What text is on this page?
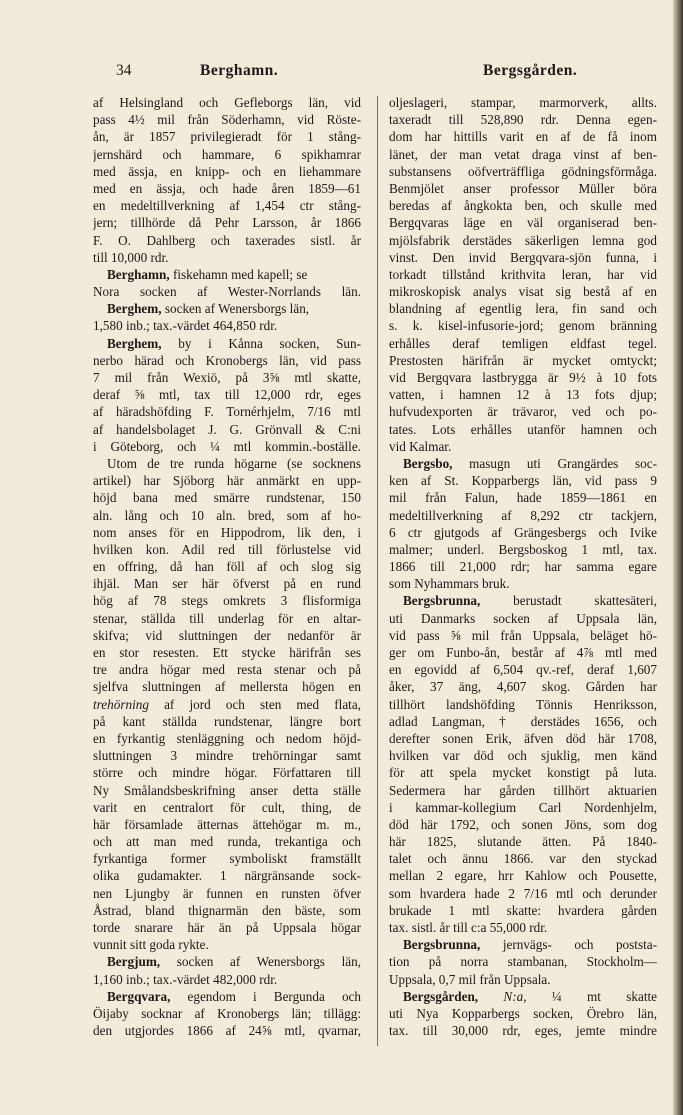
34	Berghamn.	Bergsgården.
af Helsingland och Gefleborgs län, vid
pass 4½ mil från Söderhamn, vid Röste-
ån, är 1857 privilegieradt för 1 stång-
jernshärd och hammare, 6 spikhamrar
med ässja, en knipp- och en liehammare
med en ässja, och hade åren 1859—61
en medeltillverkning af 1,454 ctr stång-
jern; tillhörde då Pehr Larsson, år 1866
F. O. Dahlberg och taxerades sistl. år
till 10,000 rdr.
Berghamn, fiskehamn med kapell; se
Nora socken af Wester-Norrlands län.
Berghem, socken af Wenersborgs län,
1,580 inb.; tax.-värdet 464,850 rdr.
Berghem, by i Kånna socken, Sun-
nerbo härad och Kronobergs län, vid pass
7 mil från Wexiö, på 3⅝ mtl skatte,
deraf ⅝ mtl, tax till 12,000 rdr, eges
af häradshöfding F. Tornérhjelm, 7/16 mtl
af handelsbolaget J. G. Grönvall & C:ni
i Göteborg, och ¼ mtl kommin.-boställe.
Utom de tre runda högarne (se socknens
artikel) har Sjöborg här anmärkt en upp-
höjd bana med smärre rundstenar, 150
aln. lång och 10 aln. bred, som af ho-
nom anses för en Hippodrom, lik den, i
hvilken kon. Adil red till förlustelse vid
en offring, då han föll af och slog sig
ihjäl. Man ser här öfverst på en rund
hög af 78 stegs omkrets 3 flisformiga
stenar, ställda till underlag för en altar-
skifva; vid sluttningen der nedanför är
en stor resesten. Ett stycke härifrån ses
tre andra högar med resta stenar och på
sjelfva sluttningen af mellersta högen en
trehörning af jord och sten med flata,
på kant ställda rundstenar, längre bort
en fyrkantig stenläggning och nedom höjd-
sluttningen 3 mindre trehörningar samt
större och mindre högar. Författaren till
Ny Smålandsbeskrifning anser detta ställe
varit en centralort för cult, thing, de
här församlade ätternas ättehögar m. m.,
och att man med runda, trekantiga och
fyrkantiga former symboliskt framställt
olika gudamakter. 1 närgränsande sock-
nen Ljungby är funnen en runsten öfver
Åstrad, bland thignarmän den bäste, som
torde snarare här än på Uppsala högar
vunnit sitt goda rykte.
Bergjum, socken af Wenersborgs län,
1,160 inb.; tax.-värdet 482,000 rdr.
Bergqvara, egendom i Bergunda och
Öijaby socknar af Kronobergs län; tillägg:
den utgjordes 1866 af 24⅝ mtl, qvarnar,
oljeslageri, stampar, marmorverk, allts.
taxeradt till 528,890 rdr. Denna egen-
dom har hittills varit en af de få inom
länet, der man vetat draga vinst af ben-
substansens oöfverträffliga gödningsförmåga.
Benmjölet anser professor Müller böra
beredas af ångkokta ben, och skulle med
Bergqvaras läge en väl organiserad ben-
mjölsfabrik derstädes säkerligen lemna god
vinst. Den invid Bergqvara-sjön funna, i
torkadt tillstånd krithvita leran, har vid
mikroskopisk analys visat sig bestå af en
blandning af egentlig lera, fin sand och
s. k. kisel-infusorie-jord; genom bränning
erhålles deraf temligen eldfast tegel.
Prestosten härifrån är mycket omtyckt;
vid Bergqvara lastbrygga är 9½ à 10 fots
vatten, i hamnen 12 à 13 fots djup;
hufvudexporten är trävaror, ved och po-
tates. Lots erhålles utanför hamnen och
vid Kalmar.
Bergsbo, masugn uti Grangärdes soc-
ken af St. Kopparbergs län, vid pass 9
mil från Falun, hade 1859—1861 en
medeltillverkning af 8,292 ctr tackjern,
6 ctr gjutgods af Grängesbergs och Ivike
malmer; underl. Bergsboskog 1 mtl, tax.
1866 till 21,000 rdr; har samma egare
som Nyhammars bruk.
Bergsbrunna, berustadt skattesäteri,
uti Danmarks socken af Uppsala län,
vid pass ⅝ mil från Uppsala, beläget hö-
ger om Funbo-ån, består af 4⅞ mtl med
en egovidd af 6,504 qv.-ref, deraf 1,607
åker, 37 äng, 4,607 skog. Gården har
tillhört landshöfding Tönnis Henriksson,
adlad Langman, † derstädes 1656, och
derefter sonen Erik, äfven död här 1708,
hvilken var död och sjuklig, men känd
för att spela mycket konstigt på luta.
Sedermera har gården tillhört aktuarien
i kammar-kollegium Carl Nordenhjelm,
död här 1792, och sonen Jöns, som dog
här 1825, slutande ätten. På 1840-
talet och ännu 1866. var den styckad
mellan 2 egare, hrr Kahlow och Pousette,
som hvardera hade 2 7/16 mtl och derunder
brukade 1 mtl skatte: hvardera gården
tax. sistl. år till c:a 55,000 rdr.
Bergsbrunna, jernvägs- och poststa-
tion på norra stambanan, Stockholm—
Uppsala, 0,7 mil från Uppsala.
Bergsgården, N:a, ¼ mt skatte
uti Nya Kopparbergs socken, Örebro län,
tax. till 30,000 rdr, eges, jemte mindre
